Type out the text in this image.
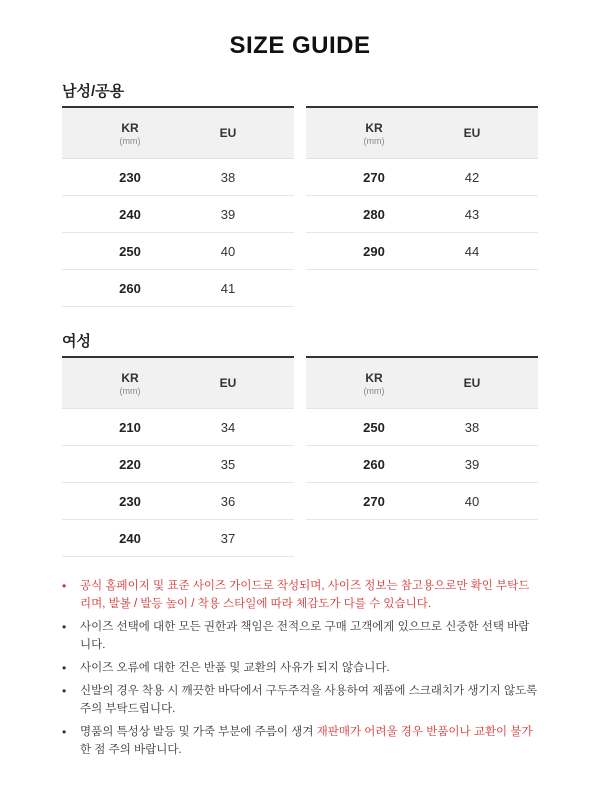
SIZE GUIDE
남성/공용
KR
(mm)
EU
230	38
240	39
250	40
260	41
KR
(mm)
EU
270	42
280	43
290	44
여성
KR
(mm)
EU
210	34
220	35
230	36
240	37
KR
(mm)
EU
250	38
260	39
270	40
• 공식 홈페이지 및 표준 사이즈 가이드로 작성되며, 사이즈 정보는 참고용으로만 확인 부탁드리며, 발볼 / 발등 높이 / 착용 스타일에 따라 체감도가 다를 수 있습니다.
• 사이즈 선택에 대한 모든 권한과 책임은 전적으로 구매 고객에게 있으므로 신중한 선택 바랍니다.
• 사이즈 오류에 대한 건은 반품 및 교환의 사유가 되지 않습니다.
• 신발의 경우 착용 시 깨끗한 바닥에서 구두주걱을 사용하여 제품에 스크래치가 생기지 않도록 주의 부탁드립니다.
• 명품의 특성상 발등 및 가죽 부분에 주름이 생겨 재판매가 어려울 경우 반품이나 교환이 불가한 점 주의 바랍니다.
